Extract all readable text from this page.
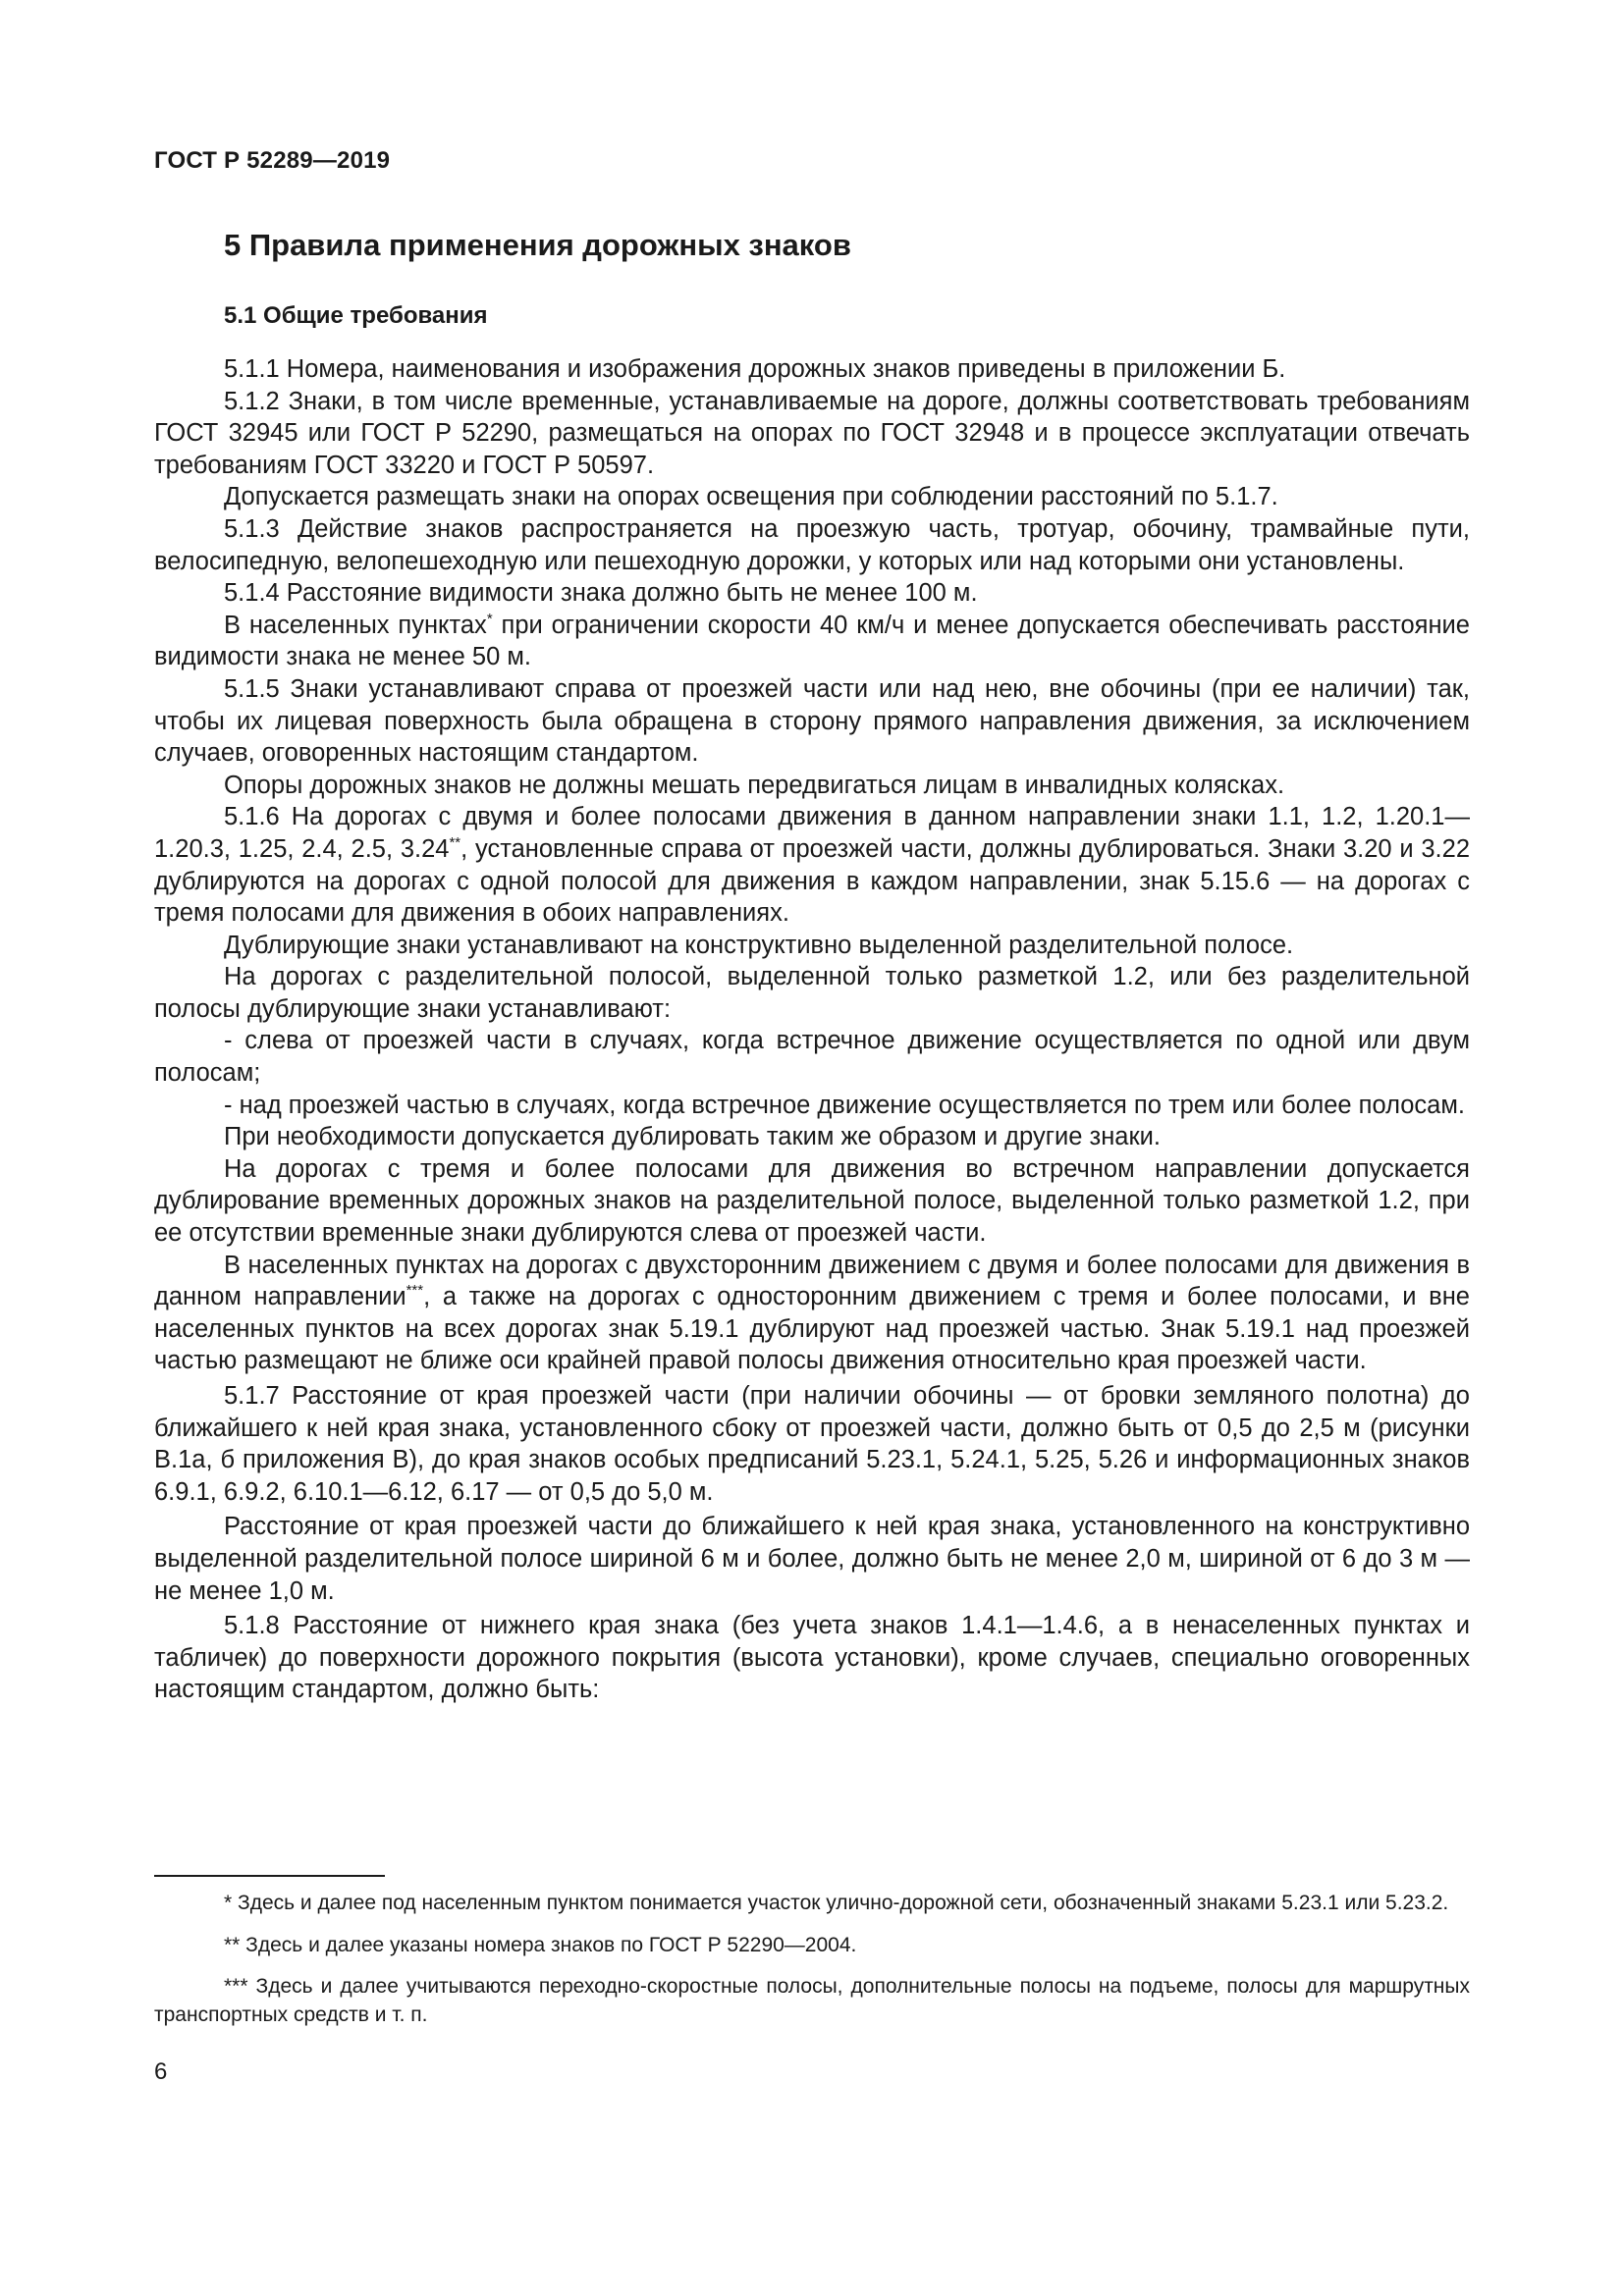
ГОСТ Р 52289—2019
5 Правила применения дорожных знаков
5.1 Общие требования

5.1.1 Номера, наименования и изображения дорожных знаков приведены в приложении Б.

5.1.2 Знаки, в том числе временные, устанавливаемые на дороге, должны соответствовать требованиям ГОСТ 32945 или ГОСТ Р 52290, размещаться на опорах по ГОСТ 32948 и в процессе эксплуатации отвечать требованиям ГОСТ 33220 и ГОСТ Р 50597.

Допускается размещать знаки на опорах освещения при соблюдении расстояний по 5.1.7.

5.1.3 Действие знаков распространяется на проезжую часть, тротуар, обочину, трамвайные пути, велосипедную, велопешеходную или пешеходную дорожки, у которых или над которыми они установлены.

5.1.4 Расстояние видимости знака должно быть не менее 100 м.

В населенных пунктах* при ограничении скорости 40 км/ч и менее допускается обеспечивать расстояние видимости знака не менее 50 м.

5.1.5 Знаки устанавливают справа от проезжей части или над нею, вне обочины (при ее наличии) так, чтобы их лицевая поверхность была обращена в сторону прямого направления движения, за исключением случаев, оговоренных настоящим стандартом.

Опоры дорожных знаков не должны мешать передвигаться лицам в инвалидных колясках.

5.1.6 На дорогах с двумя и более полосами движения в данном направлении знаки 1.1, 1.2, 1.20.1—1.20.3, 1.25, 2.4, 2.5, 3.24**, установленные справа от проезжей части, должны дублироваться. Знаки 3.20 и 3.22 дублируются на дорогах с одной полосой для движения в каждом направлении, знак 5.15.6 — на дорогах с тремя полосами для движения в обоих направлениях.

Дублирующие знаки устанавливают на конструктивно выделенной разделительной полосе.

На дорогах с разделительной полосой, выделенной только разметкой 1.2, или без разделительной полосы дублирующие знаки устанавливают:

- слева от проезжей части в случаях, когда встречное движение осуществляется по одной или двум полосам;

- над проезжей частью в случаях, когда встречное движение осуществляется по трем или более полосам.

При необходимости допускается дублировать таким же образом и другие знаки.

На дорогах с тремя и более полосами для движения во встречном направлении допускается дублирование временных дорожных знаков на разделительной полосе, выделенной только разметкой 1.2, при ее отсутствии временные знаки дублируются слева от проезжей части.

В населенных пунктах на дорогах с двухсторонним движением с двумя и более полосами для движения в данном направлении***, а также на дорогах с односторонним движением с тремя и более полосами, и вне населенных пунктов на всех дорогах знак 5.19.1 дублируют над проезжей частью. Знак 5.19.1 над проезжей частью размещают не ближе оси крайней правой полосы движения относительно края проезжей части.

5.1.7 Расстояние от края проезжей части (при наличии обочины — от бровки земляного полотна) до ближайшего к ней края знака, установленного сбоку от проезжей части, должно быть от 0,5 до 2,5 м (рисунки В.1а, б приложения В), до края знаков особых предписаний 5.23.1, 5.24.1, 5.25, 5.26 и информационных знаков 6.9.1, 6.9.2, 6.10.1—6.12, 6.17 — от 0,5 до 5,0 м.

Расстояние от края проезжей части до ближайшего к ней края знака, установленного на конструктивно выделенной разделительной полосе шириной 6 м и более, должно быть не менее 2,0 м, шириной от 6 до 3 м — не менее 1,0 м.

5.1.8 Расстояние от нижнего края знака (без учета знаков 1.4.1—1.4.6, а в ненаселенных пунктах и табличек) до поверхности дорожного покрытия (высота установки), кроме случаев, специально оговоренных настоящим стандартом, должно быть:

* Здесь и далее под населенным пунктом понимается участок улично-дорожной сети, обозначенный знаками 5.23.1 или 5.23.2.

** Здесь и далее указаны номера знаков по ГОСТ Р 52290—2004.

*** Здесь и далее учитываются переходно-скоростные полосы, дополнительные полосы на подъеме, полосы для маршрутных транспортных средств и т. п.

6
